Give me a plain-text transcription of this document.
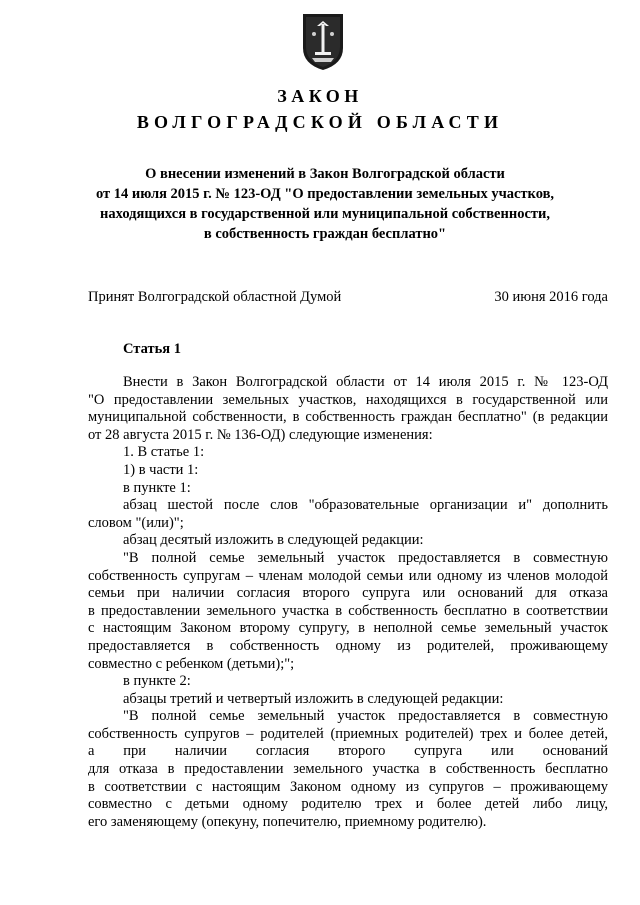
ЗАКОН
ВОЛГОГРАДСКОЙ ОБЛАСТИ
О внесении изменений в Закон Волгоградской области
от 14 июля 2015 г. № 123-ОД "О предоставлении земельных участков,
находящихся в государственной или муниципальной собственности,
в собственность граждан бесплатно"
Принят Волгоградской областной Думой	30 июня 2016 года
Статья 1
Внести в Закон Волгоградской области от 14 июля 2015 г. № 123-ОД
"О предоставлении земельных участков, находящихся в государственной или
муниципальной собственности, в собственность граждан бесплатно" (в редакции
от 28 августа 2015 г. № 136-ОД) следующие изменения:
1. В статье 1:
1) в части 1:
в пункте 1:
абзац шестой после слов "образовательные организации и" дополнить
словом "(или)";
абзац десятый изложить в следующей редакции:
"В полной семье земельный участок предоставляется в совместную
собственность супругам – членам молодой семьи или одному из членов молодой
семьи при наличии согласия второго супруга или оснований для отказа
в предоставлении земельного участка в собственность бесплатно в соответствии
с настоящим Законом второму супругу, в неполной семье земельный участок
предоставляется в собственность одному из родителей, проживающему
совместно с ребенком (детьми);";
в пункте 2:
абзацы третий и четвертый изложить в следующей редакции:
"В полной семье земельный участок предоставляется в совместную
собственность супругов – родителей (приемных родителей) трех и более детей,
а при наличии согласия второго супруга или оснований
для отказа в предоставлении земельного участка в собственность бесплатно
в соответствии с настоящим Законом одному из супругов – проживающему
совместно с детьми одному родителю трех и более детей либо лицу,
его заменяющему (опекуну, попечителю, приемному родителю).
